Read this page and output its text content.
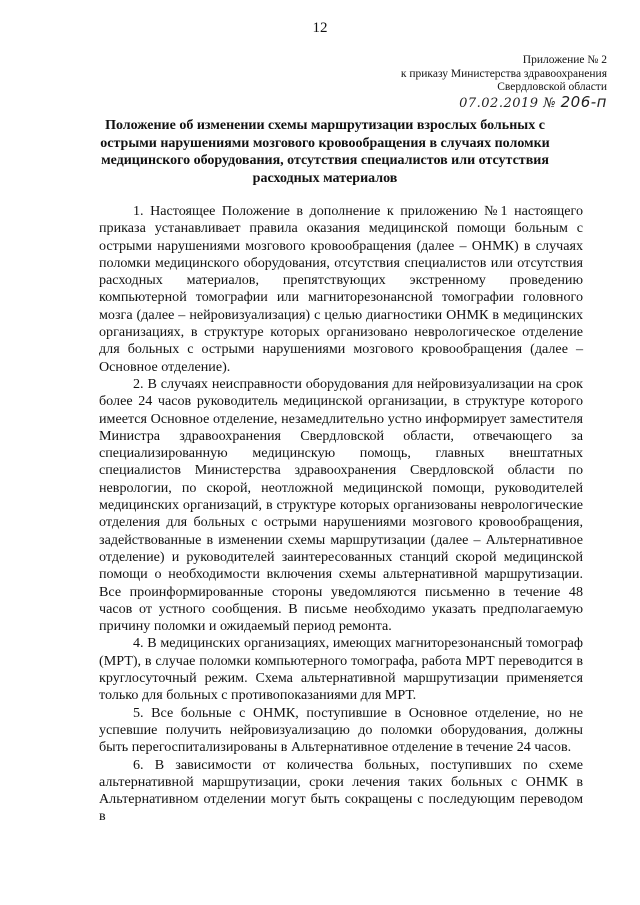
12
Приложение № 2
к приказу Министерства здравоохранения
Свердловской области
07.02.2019 № 206-п
Положение об изменении схемы маршрутизации взрослых больных с острыми нарушениями мозгового кровообращения в случаях поломки медицинского оборудования, отсутствия специалистов или отсутствия расходных материалов

1. Настоящее Положение в дополнение к приложению №1 настоящего приказа устанавливает правила оказания медицинской помощи больным с острыми нарушениями мозгового кровообращения (далее – ОНМК) в случаях поломки медицинского оборудования, отсутствия специалистов или отсутствия расходных материалов, препятствующих экстренному проведению компьютерной томографии или магниторезонансной томографии головного мозга (далее – нейровизуализация) с целью диагностики ОНМК в медицинских организациях, в структуре которых организовано неврологическое отделение для больных с острыми нарушениями мозгового кровообращения (далее – Основное отделение).

2. В случаях неисправности оборудования для нейровизуализации на срок более 24 часов руководитель медицинской организации, в структуре которого имеется Основное отделение, незамедлительно устно информирует заместителя Министра здравоохранения Свердловской области, отвечающего за специализированную медицинскую помощь, главных внештатных специалистов Министерства здравоохранения Свердловской области по неврологии, по скорой, неотложной медицинской помощи, руководителей медицинских организаций, в структуре которых организованы неврологические отделения для больных с острыми нарушениями мозгового кровообращения, задействованные в изменении схемы маршрутизации (далее – Альтернативное отделение) и руководителей заинтересованных станций скорой медицинской помощи о необходимости включения схемы альтернативной маршрутизации. Все проинформированные стороны уведомляются письменно в течение 48 часов от устного сообщения. В письме необходимо указать предполагаемую причину поломки и ожидаемый период ремонта.

4. В медицинских организациях, имеющих магниторезонансный томограф (МРТ), в случае поломки компьютерного томографа, работа МРТ переводится в круглосуточный режим. Схема альтернативной маршрутизации применяется только для больных с противопоказаниями для МРТ.

5. Все больные с ОНМК, поступившие в Основное отделение, но не успевшие получить нейровизуализацию до поломки оборудования, должны быть перегоспитализированы в Альтернативное отделение в течение 24 часов.

6. В зависимости от количества больных, поступивших по схеме альтернативной маршрутизации, сроки лечения таких больных с ОНМК в Альтернативном отделении могут быть сокращены с последующим переводом в
